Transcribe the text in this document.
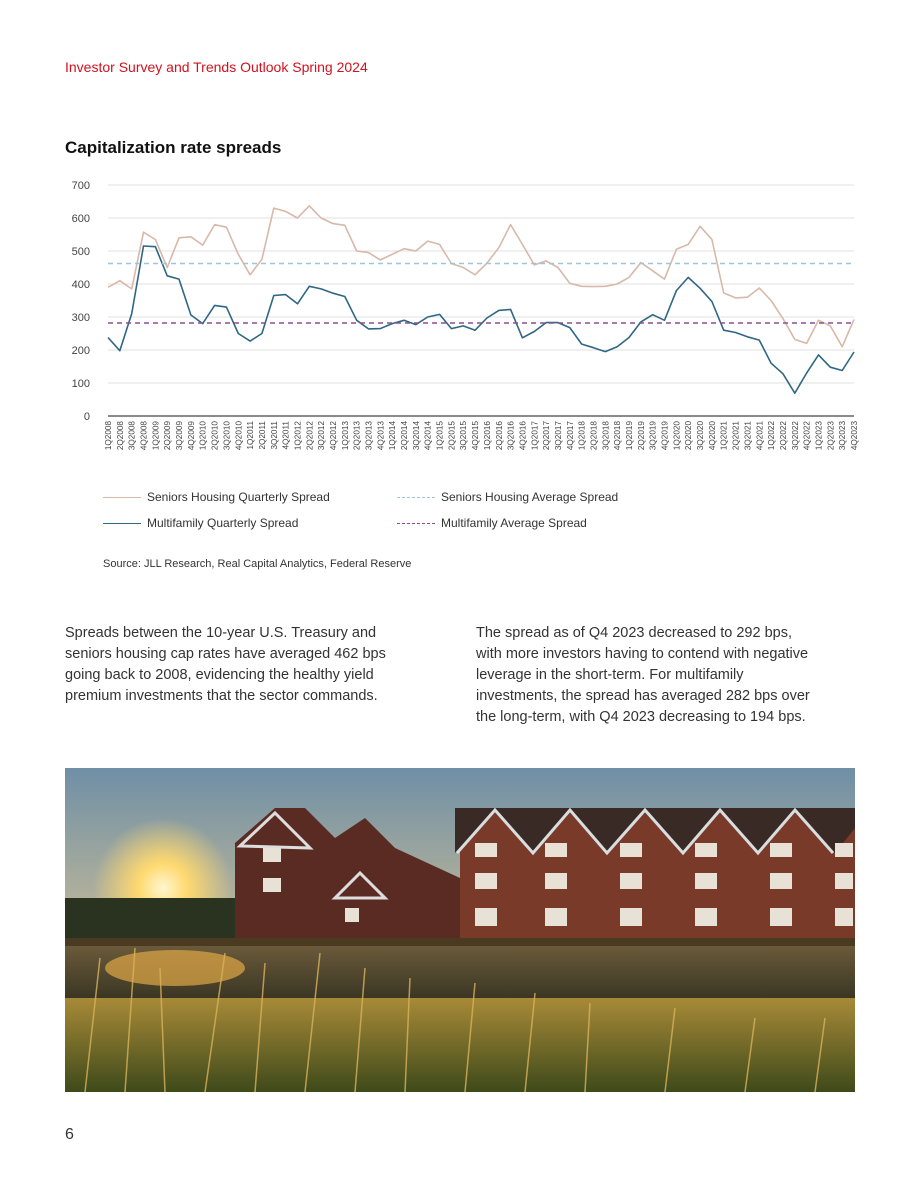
Investor Survey and Trends Outlook Spring 2024
Capitalization rate spreads
0
100
200
300
400
500
600
700
1Q2008 2Q2008 3Q2008 4Q2008 1Q2009 2Q2009 3Q2009 4Q2009 1Q2010 2Q2010 3Q2010 4Q2010 1Q2011 2Q2011 3Q2011 4Q2011 1Q2012 2Q2012 3Q2012 4Q2012 1Q2013 2Q2013 3Q2013 4Q2013 1Q2014 2Q2014 3Q2014 4Q2014 1Q2015 2Q2015 3Q2015 4Q2015 1Q2016 2Q2016 3Q2016 4Q2016 1Q2017 2Q2017 3Q2017 4Q2017 1Q2018 2Q2018 3Q2018 4Q2018 1Q2019 2Q2019 3Q2019 4Q2019 1Q2020 2Q2020 3Q2020 4Q2020 1Q2021 2Q2021 3Q2021 4Q2021 1Q2022 2Q2022 3Q2022 4Q2022 1Q2023 2Q2023 3Q2023 4Q2023
Seniors Housing Quarterly Spread	Seniors Housing Average Spread
Multifamily Quarterly Spread	Multifamily Average Spread
Source: JLL Research, Real Capital Analytics, Federal Reserve

Spreads between the 10-year U.S. Treasury and seniors housing cap rates have averaged 462 bps going back to 2008, evidencing the healthy yield premium investments that the sector commands.

The spread as of Q4 2023 decreased to 292 bps, with more investors having to contend with negative leverage in the short-term. For multifamily investments, the spread has averaged 282 bps over the long-term, with Q4 2023 decreasing to 194 bps.

6
